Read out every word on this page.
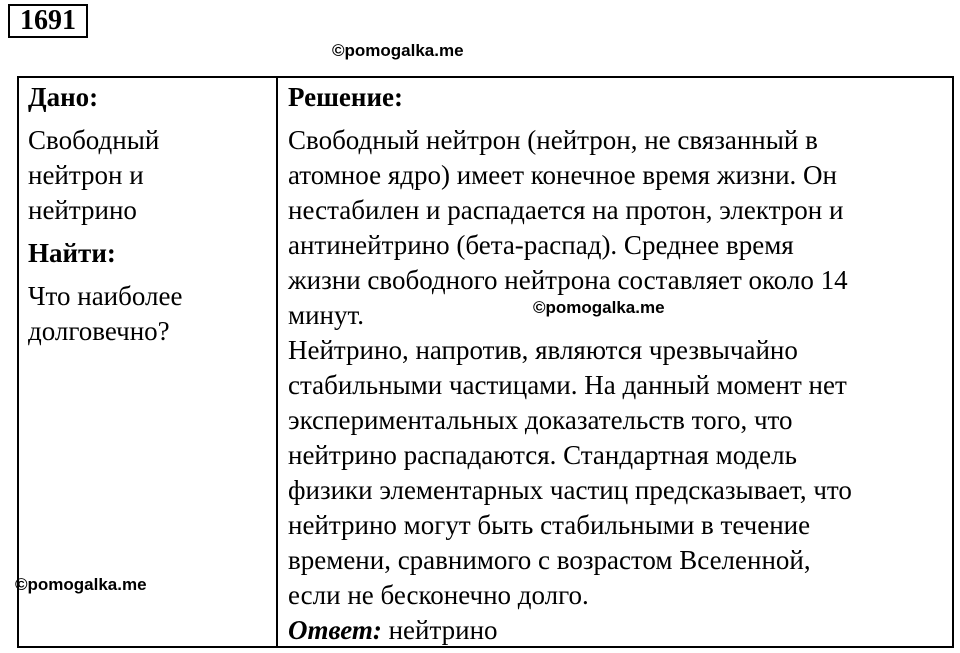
1691
©pomogalka.me

Дано:

Свободный

нейтрон и

нейтрино

Найти:

Что наиболее

долговечно?

Решение:

Свободный нейтрон (нейтрон, не связанный в

атомное ядро) имеет конечное время жизни. Он

нестабилен и распадается на протон, электрон и

антинейтрино (бета-распад). Среднее время

жизни свободного нейтрона составляет около 14

минут.

Нейтрино, напротив, являются чрезвычайно

стабильными частицами. На данный момент нет

экспериментальных доказательств того, что

нейтрино распадаются. Стандартная модель

физики элементарных частиц предсказывает, что

нейтрино могут быть стабильными в течение

времени, сравнимого с возрастом Вселенной,

если не бесконечно долго.

Ответ: нейтрино

©pomogalka.me
©pomogalka.me
